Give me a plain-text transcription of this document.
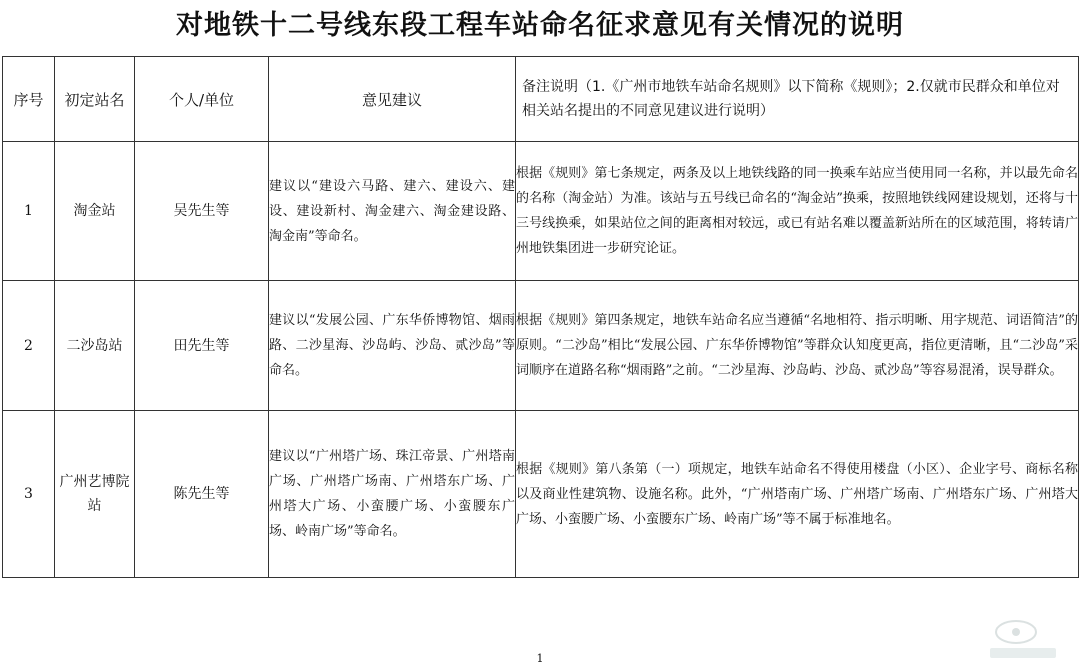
对地铁十二号线东段工程车站命名征求意见有关情况的说明
序号	初定站名	个人/单位	意见建议	备注说明（1.《广州市地铁车站命名规则》以下简称《规则》；2.仅就市民群众和单位对相关站名提出的不同意见建议进行说明）
1	淘金站	吴先生等	建议以“建设六马路、建六、建设六、建设、建设新村、淘金建六、淘金建设路、淘金南”等命名。	根据《规则》第七条规定，两条及以上地铁线路的同一换乘车站应当使用同一名称，并以最先命名的名称（淘金站）为准。该站与五号线已命名的“淘金站”换乘，按照地铁线网建设规划，还将与十三号线换乘，如果站位之间的距离相对较远，或已有站名难以覆盖新站所在的区域范围，将转请广州地铁集团进一步研究论证。
2	二沙岛站	田先生等	建议以“发展公园、广东华侨博物馆、烟雨路、二沙星海、沙岛屿、沙岛、贰沙岛”等命名。	根据《规则》第四条规定，地铁车站命名应当遵循“名地相符、指示明晰、用字规范、词语简洁”的原则。“二沙岛”相比“发展公园、广东华侨博物馆”等群众认知度更高，指位更清晰，且“二沙岛”采词顺序在道路名称“烟雨路”之前。“二沙星海、沙岛屿、沙岛、贰沙岛”等容易混淆，误导群众。
3	广州艺博院站	陈先生等	建议以“广州塔广场、珠江帝景、广州塔南广场、广州塔广场南、广州塔东广场、广州塔大广场、小蛮腰广场、小蛮腰东广场、岭南广场”等命名。	根据《规则》第八条第（一）项规定，地铁车站命名不得使用楼盘（小区）、企业字号、商标名称以及商业性建筑物、设施名称。此外，“广州塔南广场、广州塔广场南、广州塔东广场、广州塔大广场、小蛮腰广场、小蛮腰东广场、岭南广场”等不属于标准地名。
1
